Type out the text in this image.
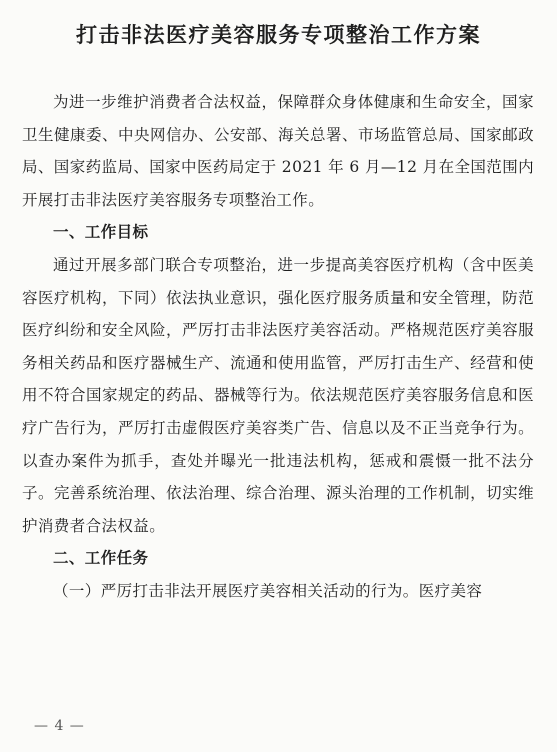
打击非法医疗美容服务专项整治工作方案

为进一步维护消费者合法权益，保障群众身体健康和生命安全，国家卫生健康委、中央网信办、公安部、海关总署、市场监管总局、国家邮政局、国家药监局、国家中医药局定于 2021 年 6 月—12 月在全国范围内开展打击非法医疗美容服务专项整治工作。

一、工作目标

通过开展多部门联合专项整治，进一步提高美容医疗机构（含中医美容医疗机构，下同）依法执业意识，强化医疗服务质量和安全管理，防范医疗纠纷和安全风险，严厉打击非法医疗美容活动。严格规范医疗美容服务相关药品和医疗器械生产、流通和使用监管，严厉打击生产、经营和使用不符合国家规定的药品、器械等行为。依法规范医疗美容服务信息和医疗广告行为，严厉打击虚假医疗美容类广告、信息以及不正当竞争行为。以查办案件为抓手，查处并曝光一批违法机构，惩戒和震慑一批不法分子。完善系统治理、依法治理、综合治理、源头治理的工作机制，切实维护消费者合法权益。

二、工作任务

（一）严厉打击非法开展医疗美容相关活动的行为。医疗美容

— 4 —
